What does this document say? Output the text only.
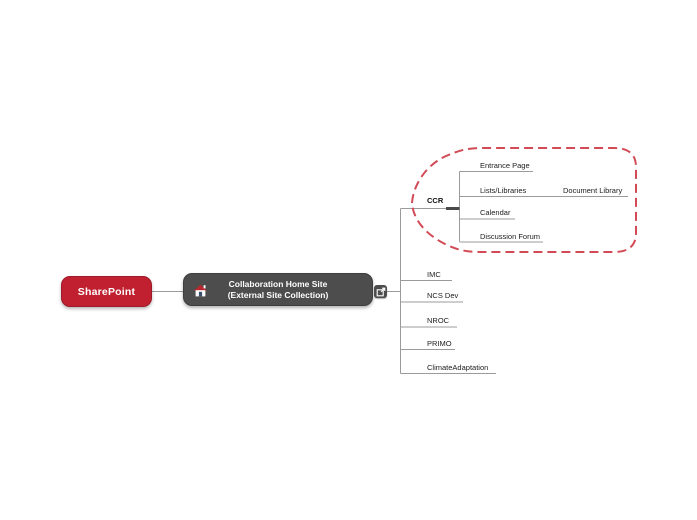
SharePoint
Collaboration Home Site
(External Site Collection)
CCR
Entrance Page
Lists/Libraries	Document Library
Calendar
Discussion Forum
IMC
NCS Dev
NROC
PRIMO
ClimateAdaptation
